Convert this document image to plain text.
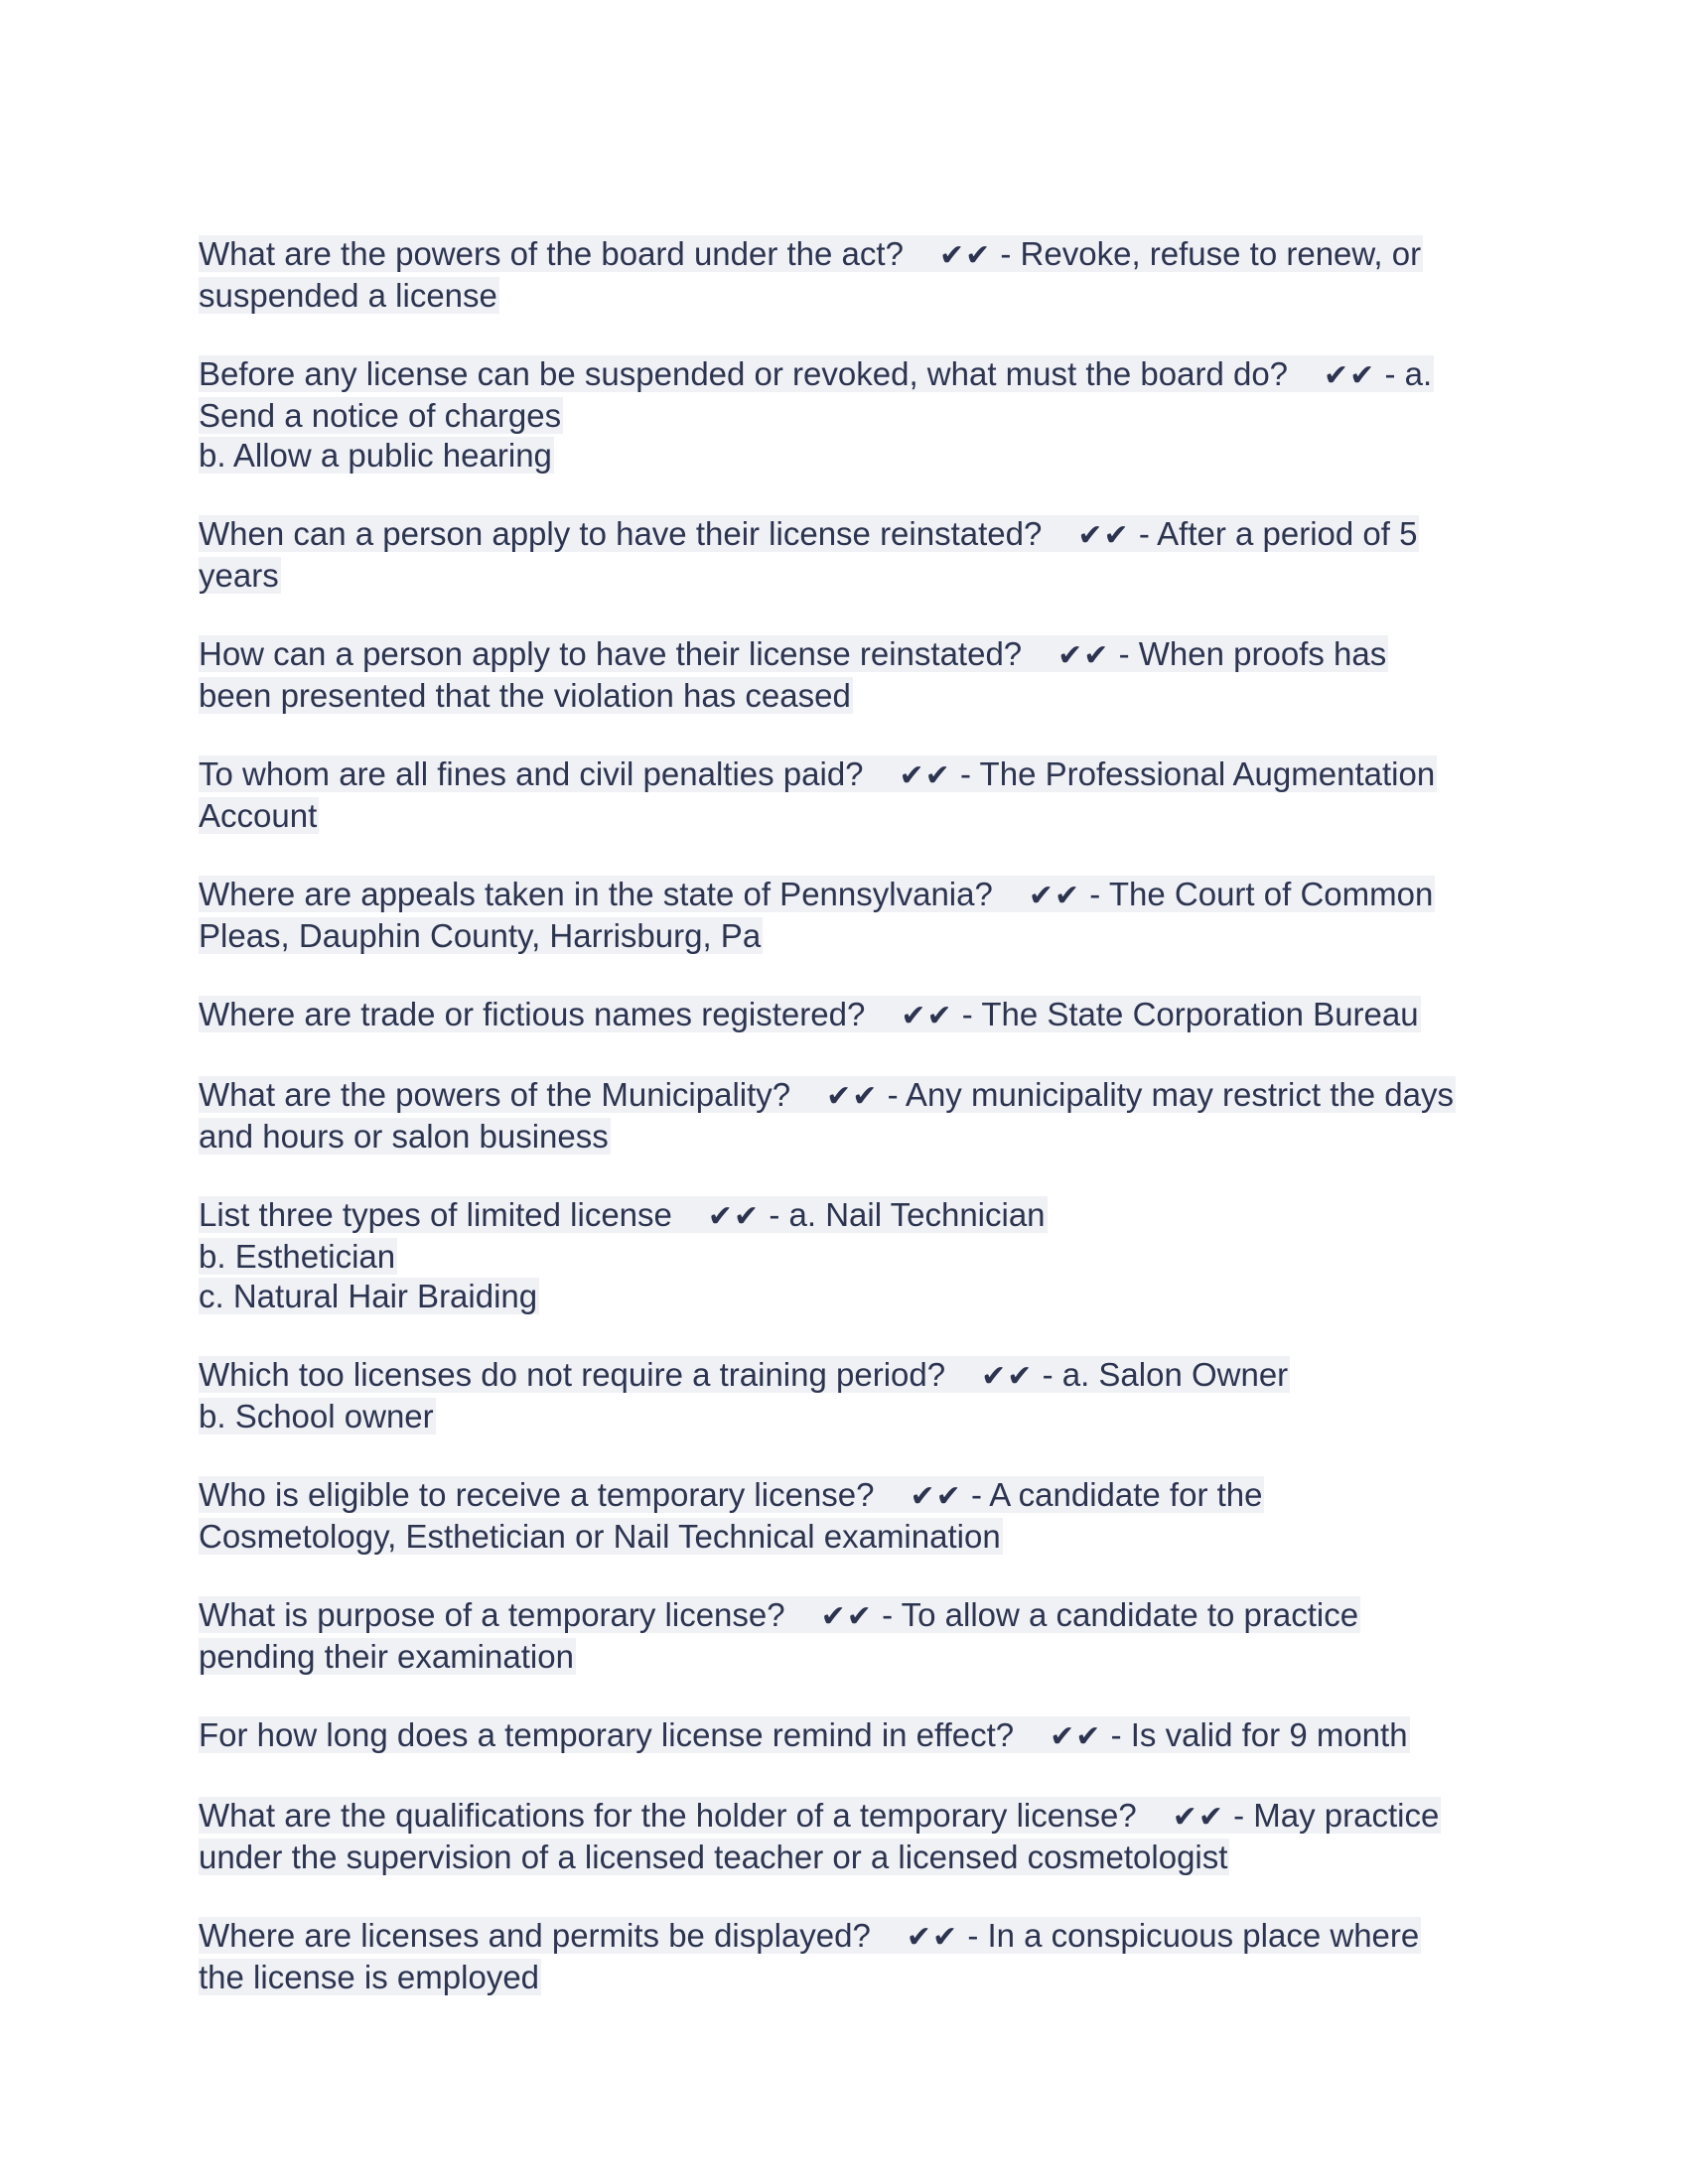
What are the powers of the board under the act? ✔✔ - Revoke, refuse to renew, or
suspended a license
Before any license can be suspended or revoked, what must the board do? ✔✔ - a.
Send a notice of charges
b. Allow a public hearing
When can a person apply to have their license reinstated? ✔✔ - After a period of 5
years
How can a person apply to have their license reinstated? ✔✔ - When proofs has
been presented that the violation has ceased
To whom are all fines and civil penalties paid? ✔✔ - The Professional Augmentation
Account
Where are appeals taken in the state of Pennsylvania? ✔✔ - The Court of Common
Pleas, Dauphin County, Harrisburg, Pa
Where are trade or fictious names registered? ✔✔ - The State Corporation Bureau
What are the powers of the Municipality? ✔✔ - Any municipality may restrict the days
and hours or salon business
List three types of limited license ✔✔ - a. Nail Technician
b. Esthetician
c. Natural Hair Braiding
Which too licenses do not require a training period? ✔✔ - a. Salon Owner
b. School owner
Who is eligible to receive a temporary license? ✔✔ - A candidate for the
Cosmetology, Esthetician or Nail Technical examination
What is purpose of a temporary license? ✔✔ - To allow a candidate to practice
pending their examination
For how long does a temporary license remind in effect? ✔✔ - Is valid for 9 month
What are the qualifications for the holder of a temporary license? ✔✔ - May practice
under the supervision of a licensed teacher or a licensed cosmetologist
Where are licenses and permits be displayed? ✔✔ - In a conspicuous place where
the license is employed
